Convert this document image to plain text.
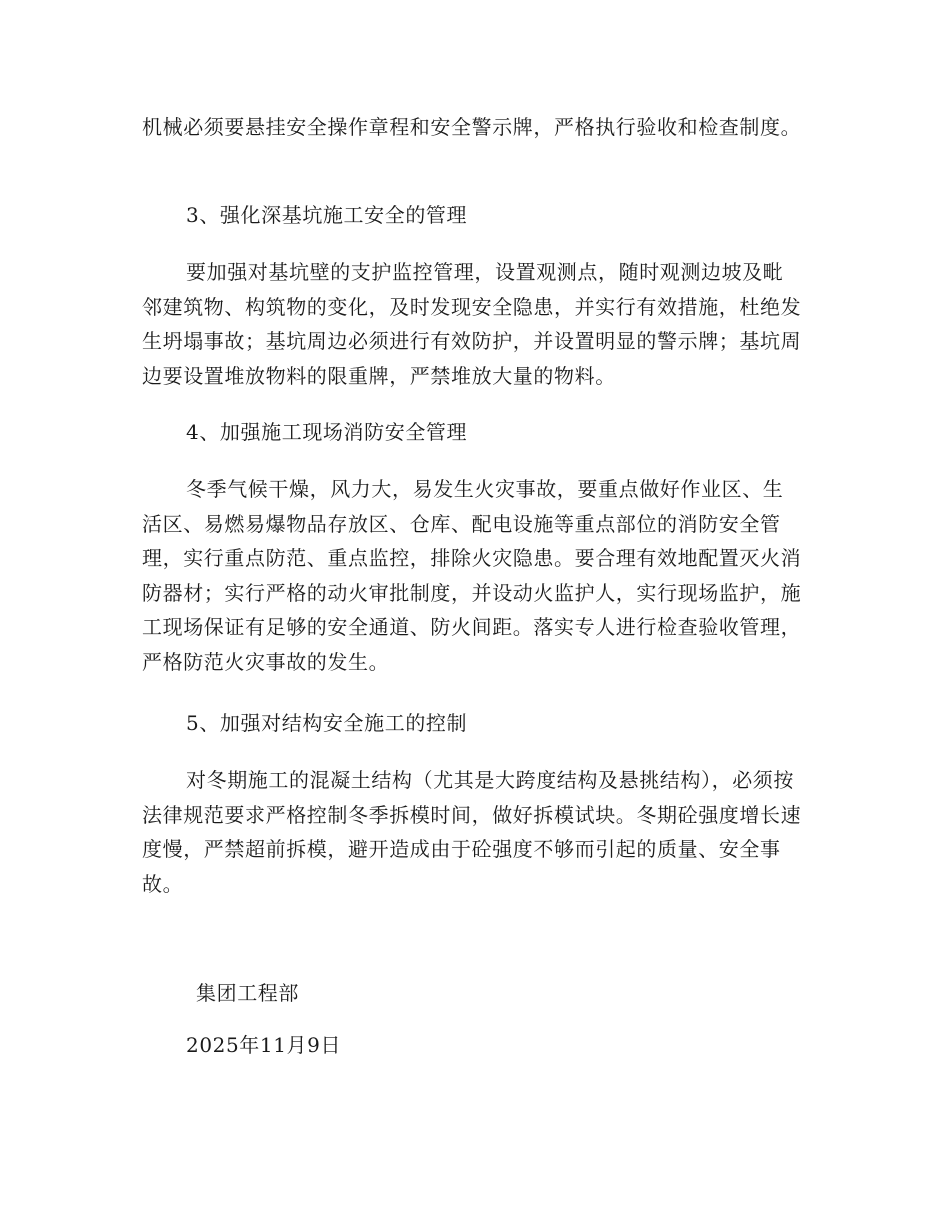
机械必须要悬挂安全操作章程和安全警示牌，严格执行验收和检查制度。

3、强化深基坑施工安全的管理

要加强对基坑壁的支护监控管理，设置观测点，随时观测边坡及毗邻建筑物、构筑物的变化，及时发现安全隐患，并实行有效措施，杜绝发生坍塌事故；基坑周边必须进行有效防护，并设置明显的警示牌；基坑周边要设置堆放物料的限重牌，严禁堆放大量的物料。

4、加强施工现场消防安全管理

冬季气候干燥，风力大，易发生火灾事故，要重点做好作业区、生活区、易燃易爆物品存放区、仓库、配电设施等重点部位的消防安全管理，实行重点防范、重点监控，排除火灾隐患。要合理有效地配置灭火消防器材；实行严格的动火审批制度，并设动火监护人，实行现场监护，施工现场保证有足够的安全通道、防火间距。落实专人进行检查验收管理，严格防范火灾事故的发生。

5、加强对结构安全施工的控制

对冬期施工的混凝土结构（尤其是大跨度结构及悬挑结构），必须按法律规范要求严格控制冬季拆模时间，做好拆模试块。冬期砼强度增长速度慢，严禁超前拆模，避开造成由于砼强度不够而引起的质量、安全事故。

集团工程部

2025年11月9日
